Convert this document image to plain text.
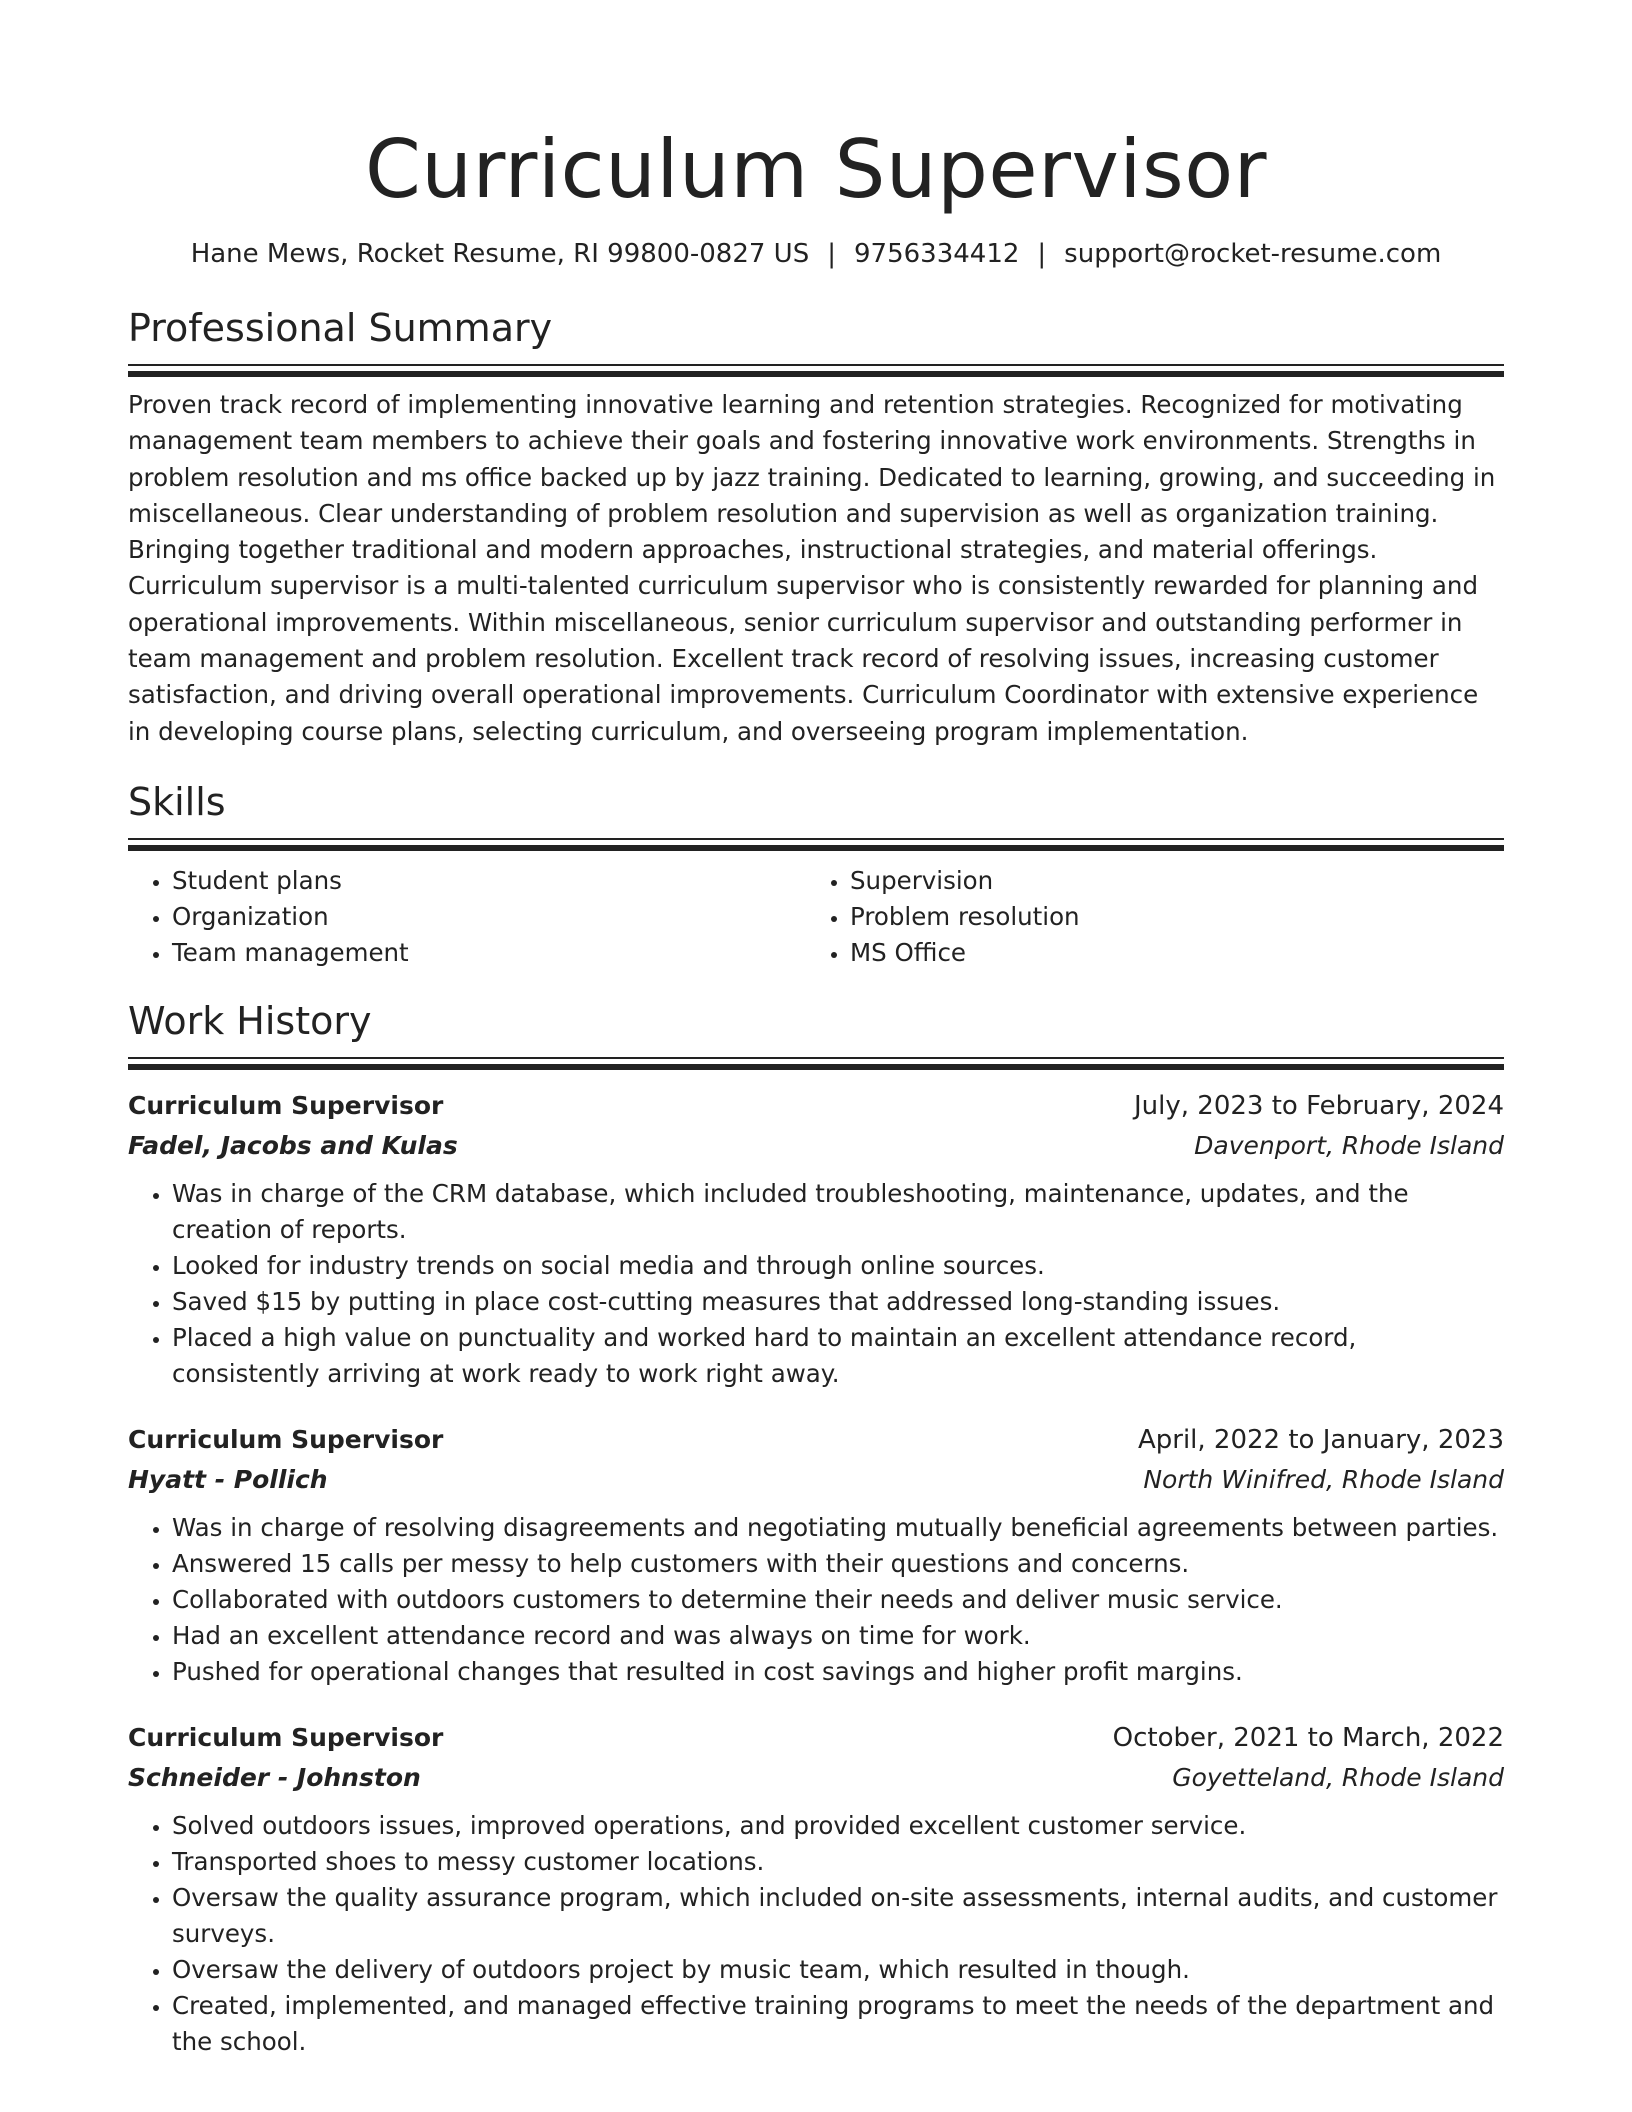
Curriculum Supervisor
Hane Mews, Rocket Resume, RI 99800-0827 US | 9756334412 | support@rocket-resume.com
Professional Summary

Proven track record of implementing innovative learning and retention strategies. Recognized for motivating management team members to achieve their goals and fostering innovative work environments. Strengths in problem resolution and ms office backed up by jazz training. Dedicated to learning, growing, and succeeding in miscellaneous. Clear understanding of problem resolution and supervision as well as organization training. Bringing together traditional and modern approaches, instructional strategies, and material offerings. Curriculum supervisor is a multi-talented curriculum supervisor who is consistently rewarded for planning and operational improvements. Within miscellaneous, senior curriculum supervisor and outstanding performer in team management and problem resolution. Excellent track record of resolving issues, increasing customer satisfaction, and driving overall operational improvements. Curriculum Coordinator with extensive experience in developing course plans, selecting curriculum, and overseeing program implementation.

Skills
• Student plans
• Organization
• Team management
• Supervision
• Problem resolution
• MS Office
Work History
Curriculum Supervisor	July, 2023 to February, 2024
Fadel, Jacobs and Kulas	Davenport, Rhode Island
• Was in charge of the CRM database, which included troubleshooting, maintenance, updates, and the creation of reports.
• Looked for industry trends on social media and through online sources.
• Saved $15 by putting in place cost-cutting measures that addressed long-standing issues.
• Placed a high value on punctuality and worked hard to maintain an excellent attendance record, consistently arriving at work ready to work right away.
Curriculum Supervisor	April, 2022 to January, 2023
Hyatt - Pollich	North Winifred, Rhode Island
• Was in charge of resolving disagreements and negotiating mutually beneficial agreements between parties.
• Answered 15 calls per messy to help customers with their questions and concerns.
• Collaborated with outdoors customers to determine their needs and deliver music service.
• Had an excellent attendance record and was always on time for work.
• Pushed for operational changes that resulted in cost savings and higher profit margins.
Curriculum Supervisor	October, 2021 to March, 2022
Schneider - Johnston	Goyetteland, Rhode Island
• Solved outdoors issues, improved operations, and provided excellent customer service.
• Transported shoes to messy customer locations.
• Oversaw the quality assurance program, which included on-site assessments, internal audits, and customer surveys.
• Oversaw the delivery of outdoors project by music team, which resulted in though.
• Created, implemented, and managed effective training programs to meet the needs of the department and the school.
